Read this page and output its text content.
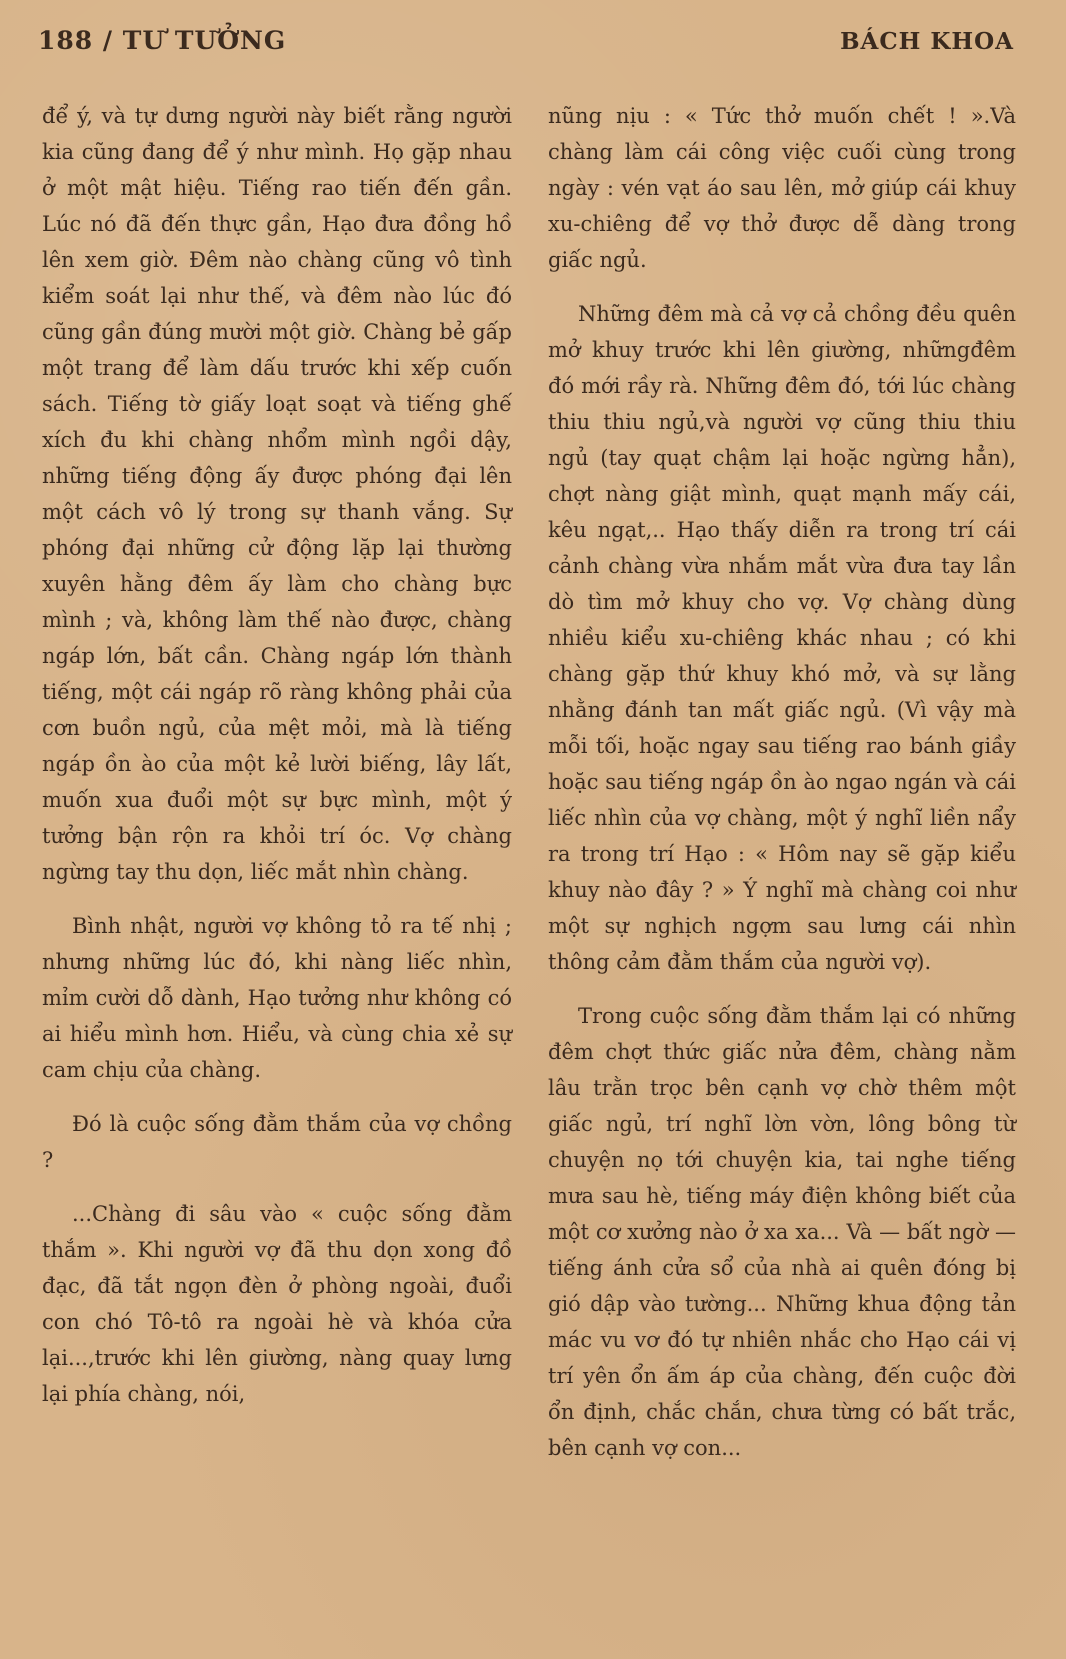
188 / TƯ TƯỞNG	BÁCH KHOA

để ý, và tự dưng người này biết rằng người kia cũng đang để ý như mình. Họ gặp nhau ở một mật hiệu. Tiếng rao tiến đến gần. Lúc nó đã đến thực gần, Hạo đưa đồng hồ lên xem giờ. Đêm nào chàng cũng vô tình kiểm soát lại như thế, và đêm nào lúc đó cũng gần đúng mười một giờ. Chàng bẻ gấp một trang để làm dấu trước khi xếp cuốn sách. Tiếng tờ giấy loạt soạt và tiếng ghế xích đu khi chàng nhổm mình ngồi dậy, những tiếng động ấy được phóng đại lên một cách vô lý trong sự thanh vắng. Sự phóng đại những cử động lặp lại thường xuyên hằng đêm ấy làm cho chàng bực mình ; và, không làm thế nào được, chàng ngáp lớn, bất cần. Chàng ngáp lớn thành tiếng, một cái ngáp rõ ràng không phải của cơn buồn ngủ, của mệt mỏi, mà là tiếng ngáp ồn ào của một kẻ lười biếng, lây lất, muốn xua đuổi một sự bực mình, một ý tưởng bận rộn ra khỏi trí óc. Vợ chàng ngừng tay thu dọn, liếc mắt nhìn chàng.

Bình nhật, người vợ không tỏ ra tế nhị ; nhưng những lúc đó, khi nàng liếc nhìn, mỉm cười dỗ dành, Hạo tưởng như không có ai hiểu mình hơn. Hiểu, và cùng chia xẻ sự cam chịu của chàng.

Đó là cuộc sống đằm thắm của vợ chồng ?

...Chàng đi sâu vào « cuộc sống đằm thắm ». Khi người vợ đã thu dọn xong đồ đạc, đã tắt ngọn đèn ở phòng ngoài, đuổi con chó Tô-tô ra ngoài hè và khóa cửa lại...,trước khi lên giường, nàng quay lưng lại phía chàng, nói,

nũng nịu : « Tức thở muốn chết ! ».Và chàng làm cái công việc cuối cùng trong ngày : vén vạt áo sau lên, mở giúp cái khuy xu-chiêng để vợ thở được dễ dàng trong giấc ngủ.

Những đêm mà cả vợ cả chồng đều quên mở khuy trước khi lên giường, nhữngđêm đó mới rầy rà. Những đêm đó, tới lúc chàng thiu thiu ngủ,và người vợ cũng thiu thiu ngủ (tay quạt chậm lại hoặc ngừng hẳn), chợt nàng giật mình, quạt mạnh mấy cái, kêu ngạt,.. Hạo thấy diễn ra trong trí cái cảnh chàng vừa nhắm mắt vừa đưa tay lần dò tìm mở khuy cho vợ. Vợ chàng dùng nhiều kiểu xu-chiêng khác nhau ; có khi chàng gặp thứ khuy khó mở, và sự lằng nhằng đánh tan mất giấc ngủ. (Vì vậy mà mỗi tối, hoặc ngay sau tiếng rao bánh giầy hoặc sau tiếng ngáp ồn ào ngao ngán và cái liếc nhìn của vợ chàng, một ý nghĩ liền nẩy ra trong trí Hạo : « Hôm nay sẽ gặp kiểu khuy nào đây ? » Ý nghĩ mà chàng coi như một sự nghịch ngợm sau lưng cái nhìn thông cảm đằm thắm của người vợ).

Trong cuộc sống đằm thắm lại có những đêm chợt thức giấc nửa đêm, chàng nằm lâu trằn trọc bên cạnh vợ chờ thêm một giấc ngủ, trí nghĩ lờn vờn, lông bông từ chuyện nọ tới chuyện kia, tai nghe tiếng mưa sau hè, tiếng máy điện không biết của một cơ xưởng nào ở xa xa... Và — bất ngờ — tiếng ánh cửa sổ của nhà ai quên đóng bị gió dập vào tường... Những khua động tản mác vu vơ đó tự nhiên nhắc cho Hạo cái vị trí yên ổn ấm áp của chàng, đến cuộc đời ổn định, chắc chắn, chưa từng có bất trắc, bên cạnh vợ con...
